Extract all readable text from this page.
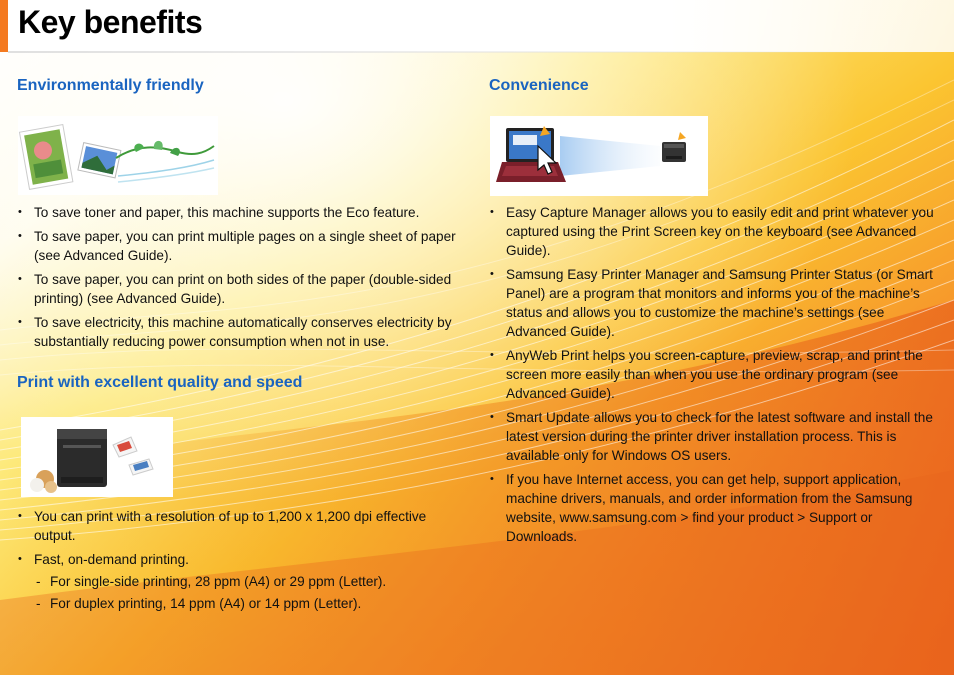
Key benefits
Environmentally friendly
• To save toner and paper, this machine supports the Eco feature.
• To save paper, you can print multiple pages on a single sheet of paper (see Advanced Guide).
• To save paper, you can print on both sides of the paper (double-sided printing) (see Advanced Guide).
• To save electricity, this machine automatically conserves electricity by substantially reducing power consumption when not in use.
Print with excellent quality and speed
• You can print with a resolution of up to 1,200 x 1,200 dpi effective output.
• Fast, on-demand printing.
- For single-side printing, 28 ppm (A4) or 29 ppm (Letter).
- For duplex printing, 14 ppm (A4) or 14 ppm (Letter).
Convenience
• Easy Capture Manager allows you to easily edit and print whatever you captured using the Print Screen key on the keyboard (see Advanced Guide).
• Samsung Easy Printer Manager and Samsung Printer Status (or Smart Panel) are a program that monitors and informs you of the machine’s status and allows you to customize the machine’s settings (see Advanced Guide).
• AnyWeb Print helps you screen-capture, preview, scrap, and print the screen more easily than when you use the ordinary program (see Advanced Guide).
• Smart Update allows you to check for the latest software and install the latest version during the printer driver installation process. This is available only for Windows OS users.
• If you have Internet access, you can get help, support application, machine drivers, manuals, and order information from the Samsung website, www.samsung.com > find your product > Support or Downloads.
